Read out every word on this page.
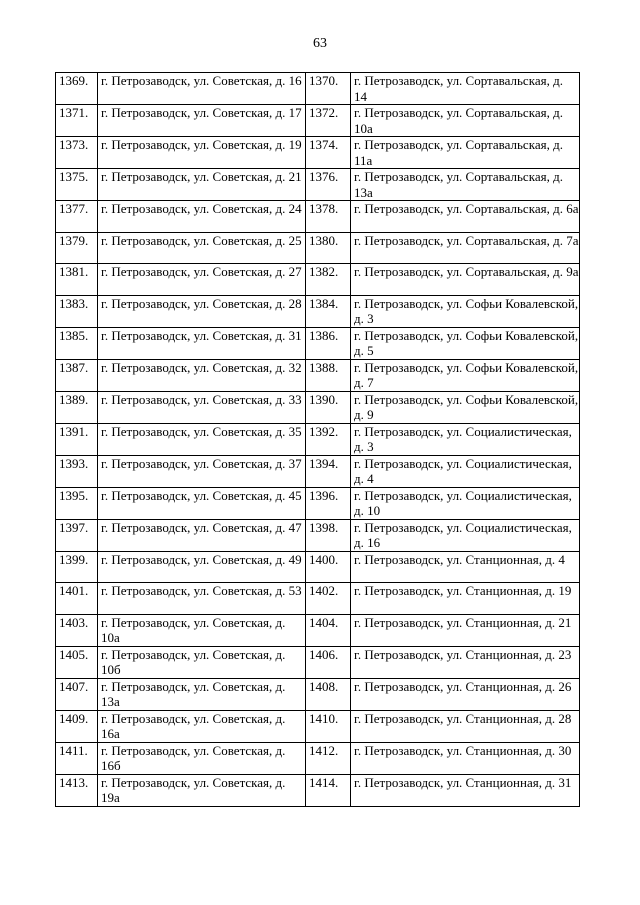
63
1369.	г. Петрозаводск, ул. Советская, д. 16	1370.	г. Петрозаводск, ул. Сортавальская, д. 14
1371.	г. Петрозаводск, ул. Советская, д. 17	1372.	г. Петрозаводск, ул. Сортавальская, д. 10а
1373.	г. Петрозаводск, ул. Советская, д. 19	1374.	г. Петрозаводск, ул. Сортавальская, д. 11а
1375.	г. Петрозаводск, ул. Советская, д. 21	1376.	г. Петрозаводск, ул. Сортавальская, д. 13а
1377.	г. Петрозаводск, ул. Советская, д. 24	1378.	г. Петрозаводск, ул. Сортавальская, д. 6а
1379.	г. Петрозаводск, ул. Советская, д. 25	1380.	г. Петрозаводск, ул. Сортавальская, д. 7а
1381.	г. Петрозаводск, ул. Советская, д. 27	1382.	г. Петрозаводск, ул. Сортавальская, д. 9а
1383.	г. Петрозаводск, ул. Советская, д. 28	1384.	г. Петрозаводск, ул. Софьи Ковалевской, д. 3
1385.	г. Петрозаводск, ул. Советская, д. 31	1386.	г. Петрозаводск, ул. Софьи Ковалевской, д. 5
1387.	г. Петрозаводск, ул. Советская, д. 32	1388.	г. Петрозаводск, ул. Софьи Ковалевской, д. 7
1389.	г. Петрозаводск, ул. Советская, д. 33	1390.	г. Петрозаводск, ул. Софьи Ковалевской, д. 9
1391.	г. Петрозаводск, ул. Советская, д. 35	1392.	г. Петрозаводск, ул. Социалистическая, д. 3
1393.	г. Петрозаводск, ул. Советская, д. 37	1394.	г. Петрозаводск, ул. Социалистическая, д. 4
1395.	г. Петрозаводск, ул. Советская, д. 45	1396.	г. Петрозаводск, ул. Социалистическая, д. 10
1397.	г. Петрозаводск, ул. Советская, д. 47	1398.	г. Петрозаводск, ул. Социалистическая, д. 16
1399.	г. Петрозаводск, ул. Советская, д. 49	1400.	г. Петрозаводск, ул. Станционная, д. 4
1401.	г. Петрозаводск, ул. Советская, д. 53	1402.	г. Петрозаводск, ул. Станционная, д. 19
1403.	г. Петрозаводск, ул. Советская, д. 10а	1404.	г. Петрозаводск, ул. Станционная, д. 21
1405.	г. Петрозаводск, ул. Советская, д. 10б	1406.	г. Петрозаводск, ул. Станционная, д. 23
1407.	г. Петрозаводск, ул. Советская, д. 13а	1408.	г. Петрозаводск, ул. Станционная, д. 26
1409.	г. Петрозаводск, ул. Советская, д. 16а	1410.	г. Петрозаводск, ул. Станционная, д. 28
1411.	г. Петрозаводск, ул. Советская, д. 16б	1412.	г. Петрозаводск, ул. Станционная, д. 30
1413.	г. Петрозаводск, ул. Советская, д. 19а	1414.	г. Петрозаводск, ул. Станционная, д. 31
